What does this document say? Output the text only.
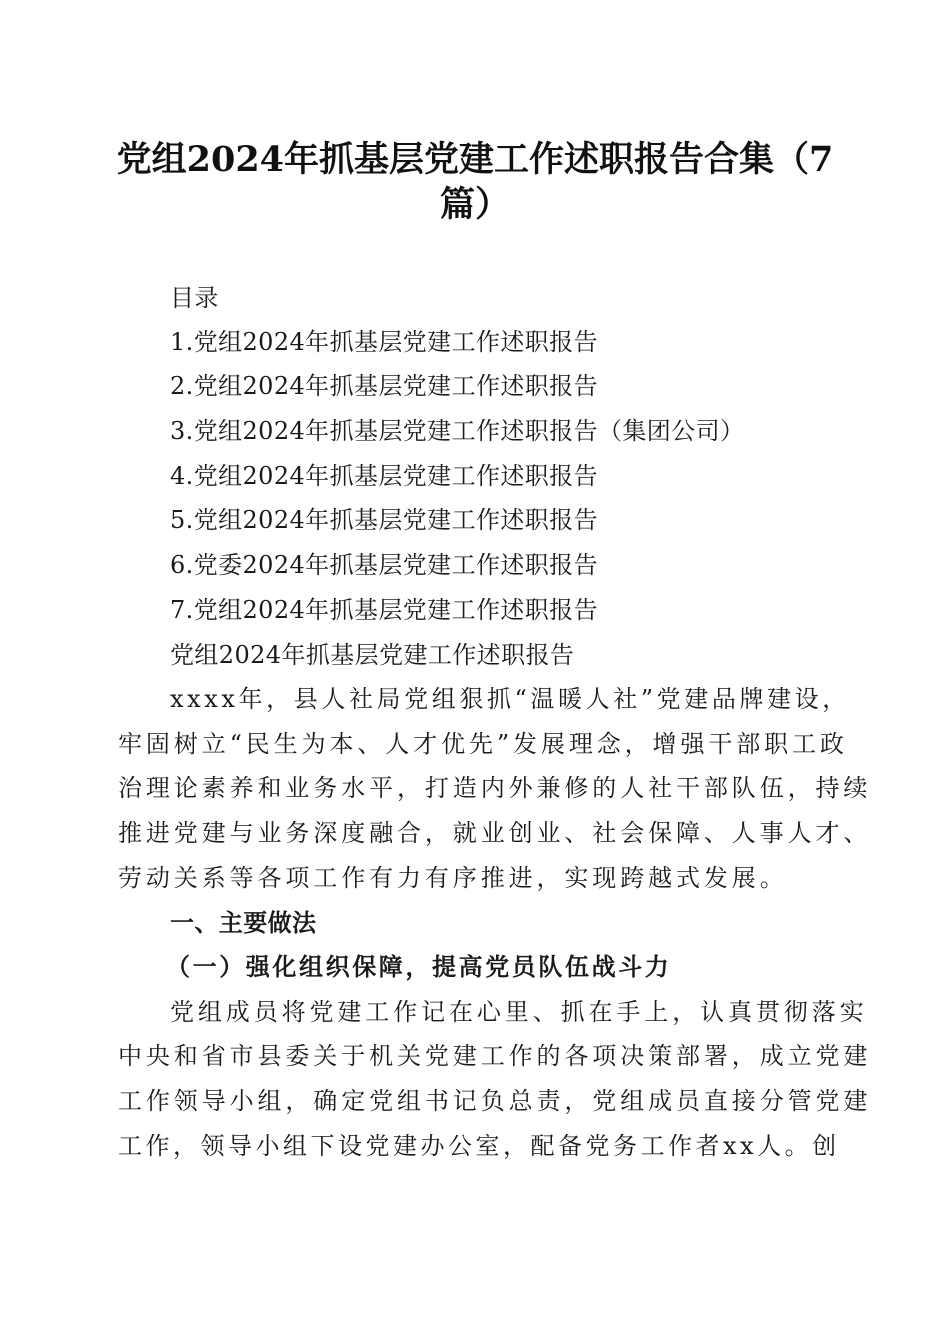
党组2024年抓基层党建工作述职报告合集（7
篇）
目录
1.党组2024年抓基层党建工作述职报告
2.党组2024年抓基层党建工作述职报告
3.党组2024年抓基层党建工作述职报告（集团公司）
4.党组2024年抓基层党建工作述职报告
5.党组2024年抓基层党建工作述职报告
6.党委2024年抓基层党建工作述职报告
7.党组2024年抓基层党建工作述职报告
党组2024年抓基层党建工作述职报告
xxxx年，县人社局党组狠抓“温暖人社”党建品牌建设，
牢固树立“民生为本、人才优先”发展理念，增强干部职工政
治理论素养和业务水平，打造内外兼修的人社干部队伍，持续
推进党建与业务深度融合，就业创业、社会保障、人事人才、
劳动关系等各项工作有力有序推进，实现跨越式发展。
一、主要做法
（一）强化组织保障，提高党员队伍战斗力
党组成员将党建工作记在心里、抓在手上，认真贯彻落实
中央和省市县委关于机关党建工作的各项决策部署，成立党建
工作领导小组，确定党组书记负总责，党组成员直接分管党建
工作，领导小组下设党建办公室，配备党务工作者xx人。创
